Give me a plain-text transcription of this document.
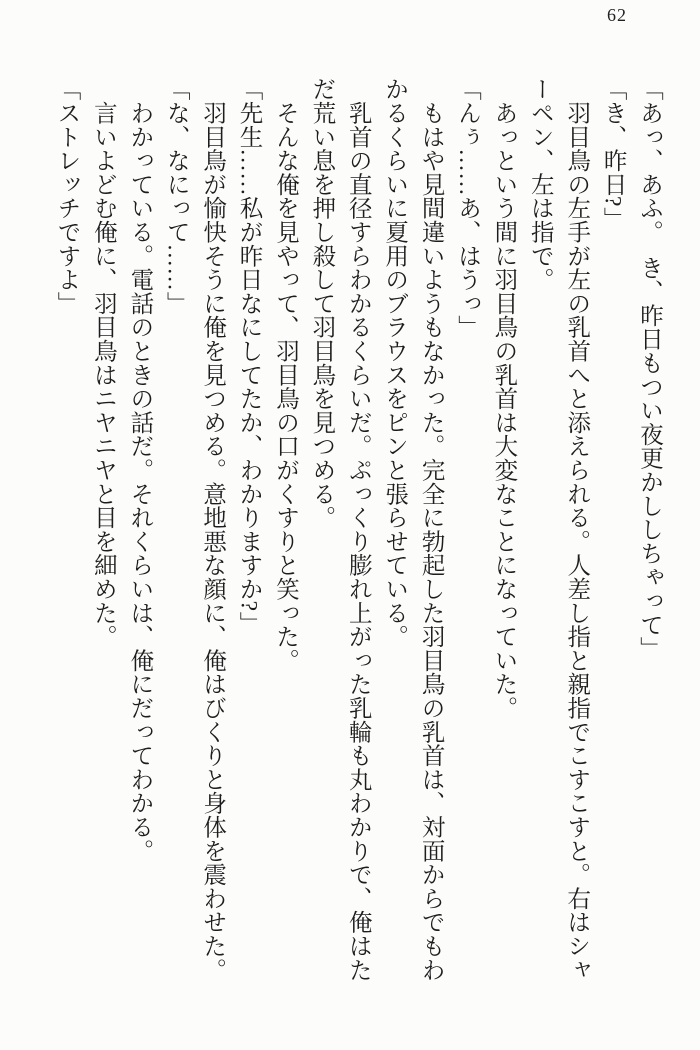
62
「あっ、あふ。　き、昨日もつい夜更かししちゃって」
「き、昨日?」
　羽目鳥の左手が左の乳首へと添えられる。人差し指と親指でこすこすと。右はシャ
ーペン、左は指で。
　あっという間に羽目鳥の乳首は大変なことになっていた。
「んぅ……あ、はうっ」
　もはや見間違いようもなかった。完全に勃起した羽目鳥の乳首は、対面からでもわ
かるくらいに夏用のブラウスをピンと張らせている。
　乳首の直径すらわかるくらいだ。ぷっくり膨れ上がった乳輪も丸わかりで、俺はた
だ荒い息を押し殺して羽目鳥を見つめる。
　そんな俺を見やって、羽目鳥の口がくすりと笑った。
「先生……私が昨日なにしてたか、わかりますか?」
　羽目鳥が愉快そうに俺を見つめる。意地悪な顔に、俺はびくりと身体を震わせた。
「な、なにって……」
　わかっている。電話のときの話だ。それくらいは、俺にだってわかる。
　言いよどむ俺に、羽目鳥はニヤニヤと目を細めた。
「ストレッチですよ」
